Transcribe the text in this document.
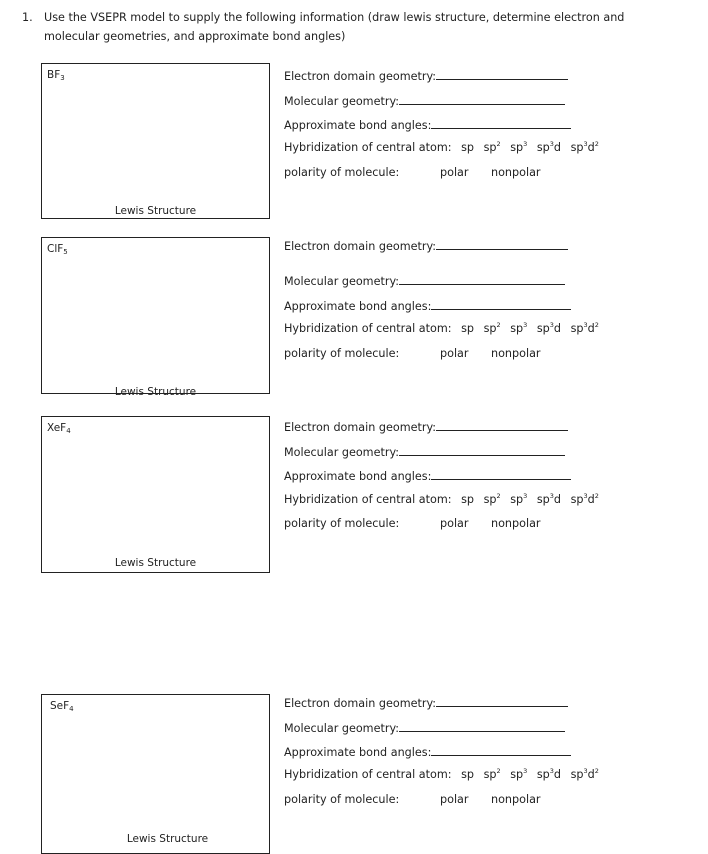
1. Use the VSEPR model to supply the following information (draw lewis structure, determine electron and
molecular geometries, and approximate bond angles)
$BF_3$
Lewis Structure
Electron domain geometry:
Molecular geometry:
Approximate bond angles:
Hybridization of central atom: sp $sp^2$ $sp^3$ $sp^3d$ $sp^3d^2$
polarity of molecule:	polar nonpolar
ClF$_5$
Lewis Structure
Electron domain geometry:
Molecular geometry:
Approximate bond angles:
Hybridization of central atom: sp $sp^2$ $sp^3$ $sp^3d$ $sp^3d^2$
polarity of molecule:	polar nonpolar
XeF$_4$
Lewis Structure
Electron domain geometry:
Molecular geometry:
Approximate bond angles:
Hybridization of central atom: sp $sp^2$ $sp^3$ $sp^3d$ $sp^3d^2$
polarity of molecule:	polar nonpolar
SeF$_4$
Lewis Structure
Electron domain geometry:
Molecular geometry:
Approximate bond angles:
Hybridization of central atom: sp $sp^2$ $sp^3$ $sp^3d$ $sp^3d^2$
polarity of molecule:	polar nonpolar
